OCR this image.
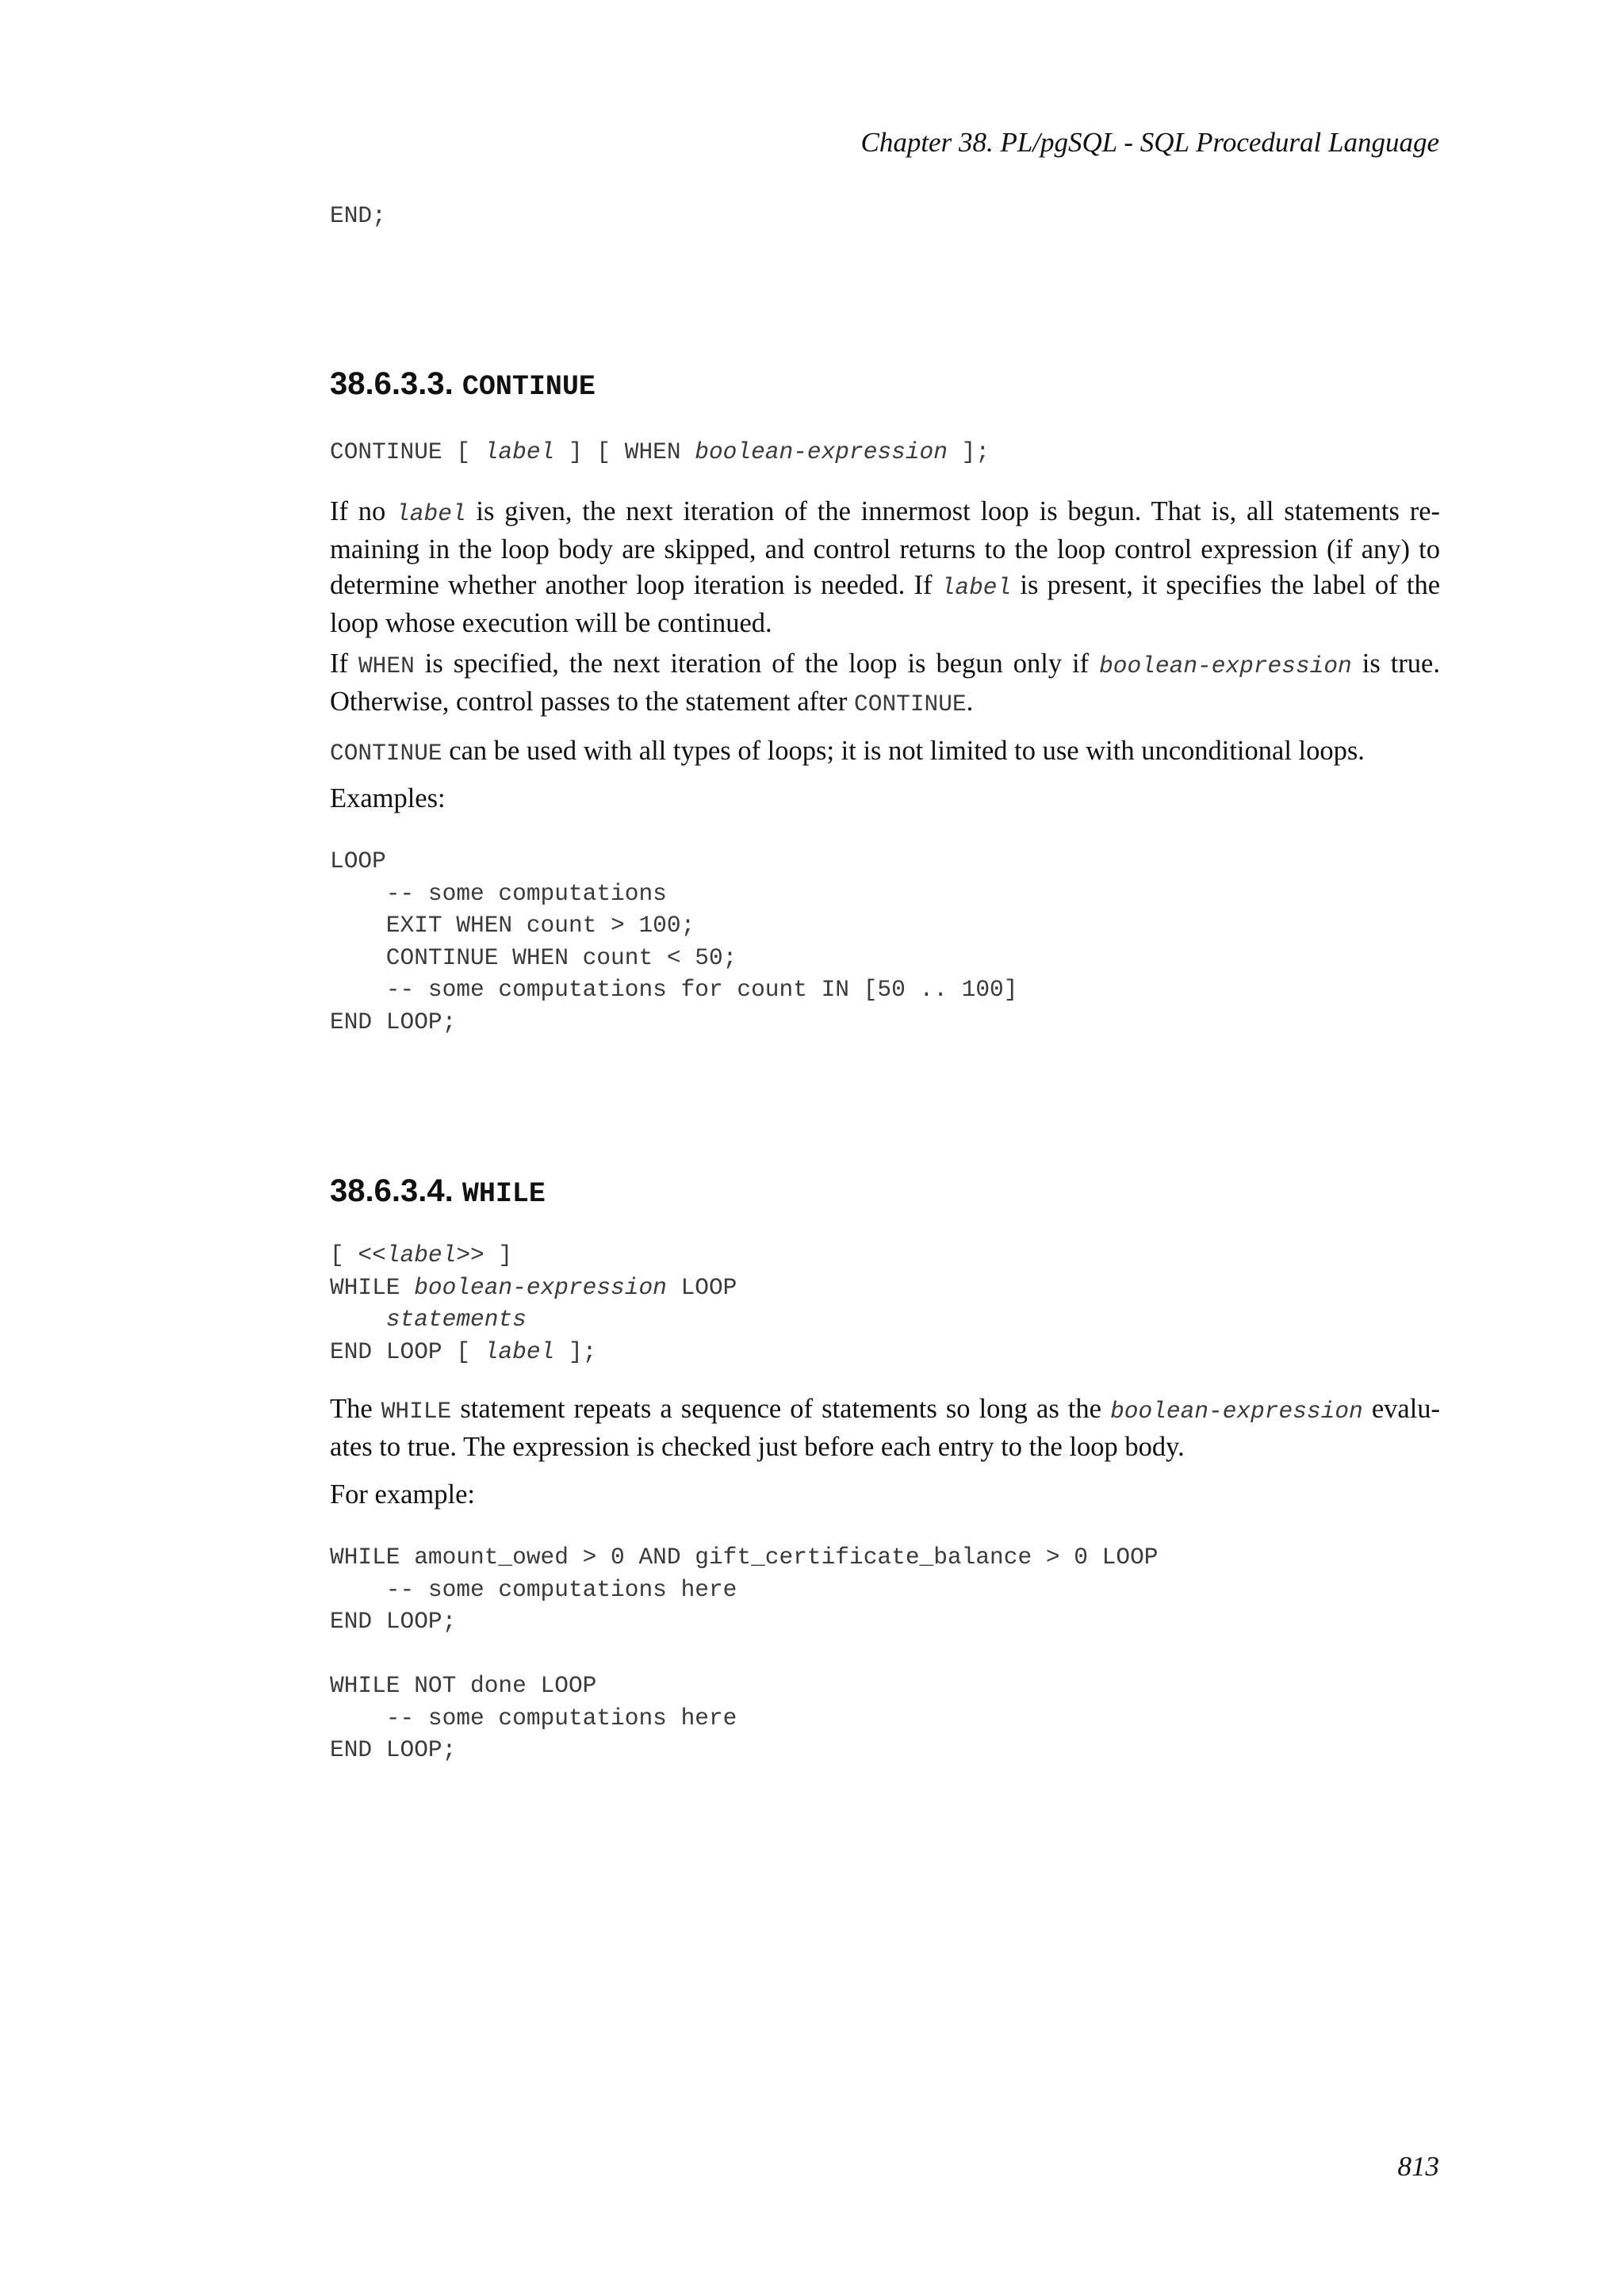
Chapter 38. PL/pgSQL - SQL Procedural Language
END;
38.6.3.3. CONTINUE
CONTINUE [ label ] [ WHEN boolean-expression ];

If no label is given, the next iteration of the innermost loop is begun. That is, all statements re-maining in the loop body are skipped, and control returns to the loop control expression (if any) to determine whether another loop iteration is needed. If label is present, it specifies the label of the loop whose execution will be continued.

If WHEN is specified, the next iteration of the loop is begun only if boolean-expression is true. Otherwise, control passes to the statement after CONTINUE.

CONTINUE can be used with all types of loops; it is not limited to use with unconditional loops.

Examples:

LOOP
-- some computations
EXIT WHEN count > 100;
CONTINUE WHEN count < 50;
-- some computations for count IN [50 .. 100]
END LOOP;
38.6.3.4. WHILE
[ <<label>> ]
WHILE boolean-expression LOOP
statements
END LOOP [ label ];

The WHILE statement repeats a sequence of statements so long as the boolean-expression evalu-ates to true. The expression is checked just before each entry to the loop body.

For example:

WHILE amount_owed > 0 AND gift_certificate_balance > 0 LOOP
-- some computations here
END LOOP;

WHILE NOT done LOOP
-- some computations here
END LOOP;
813
